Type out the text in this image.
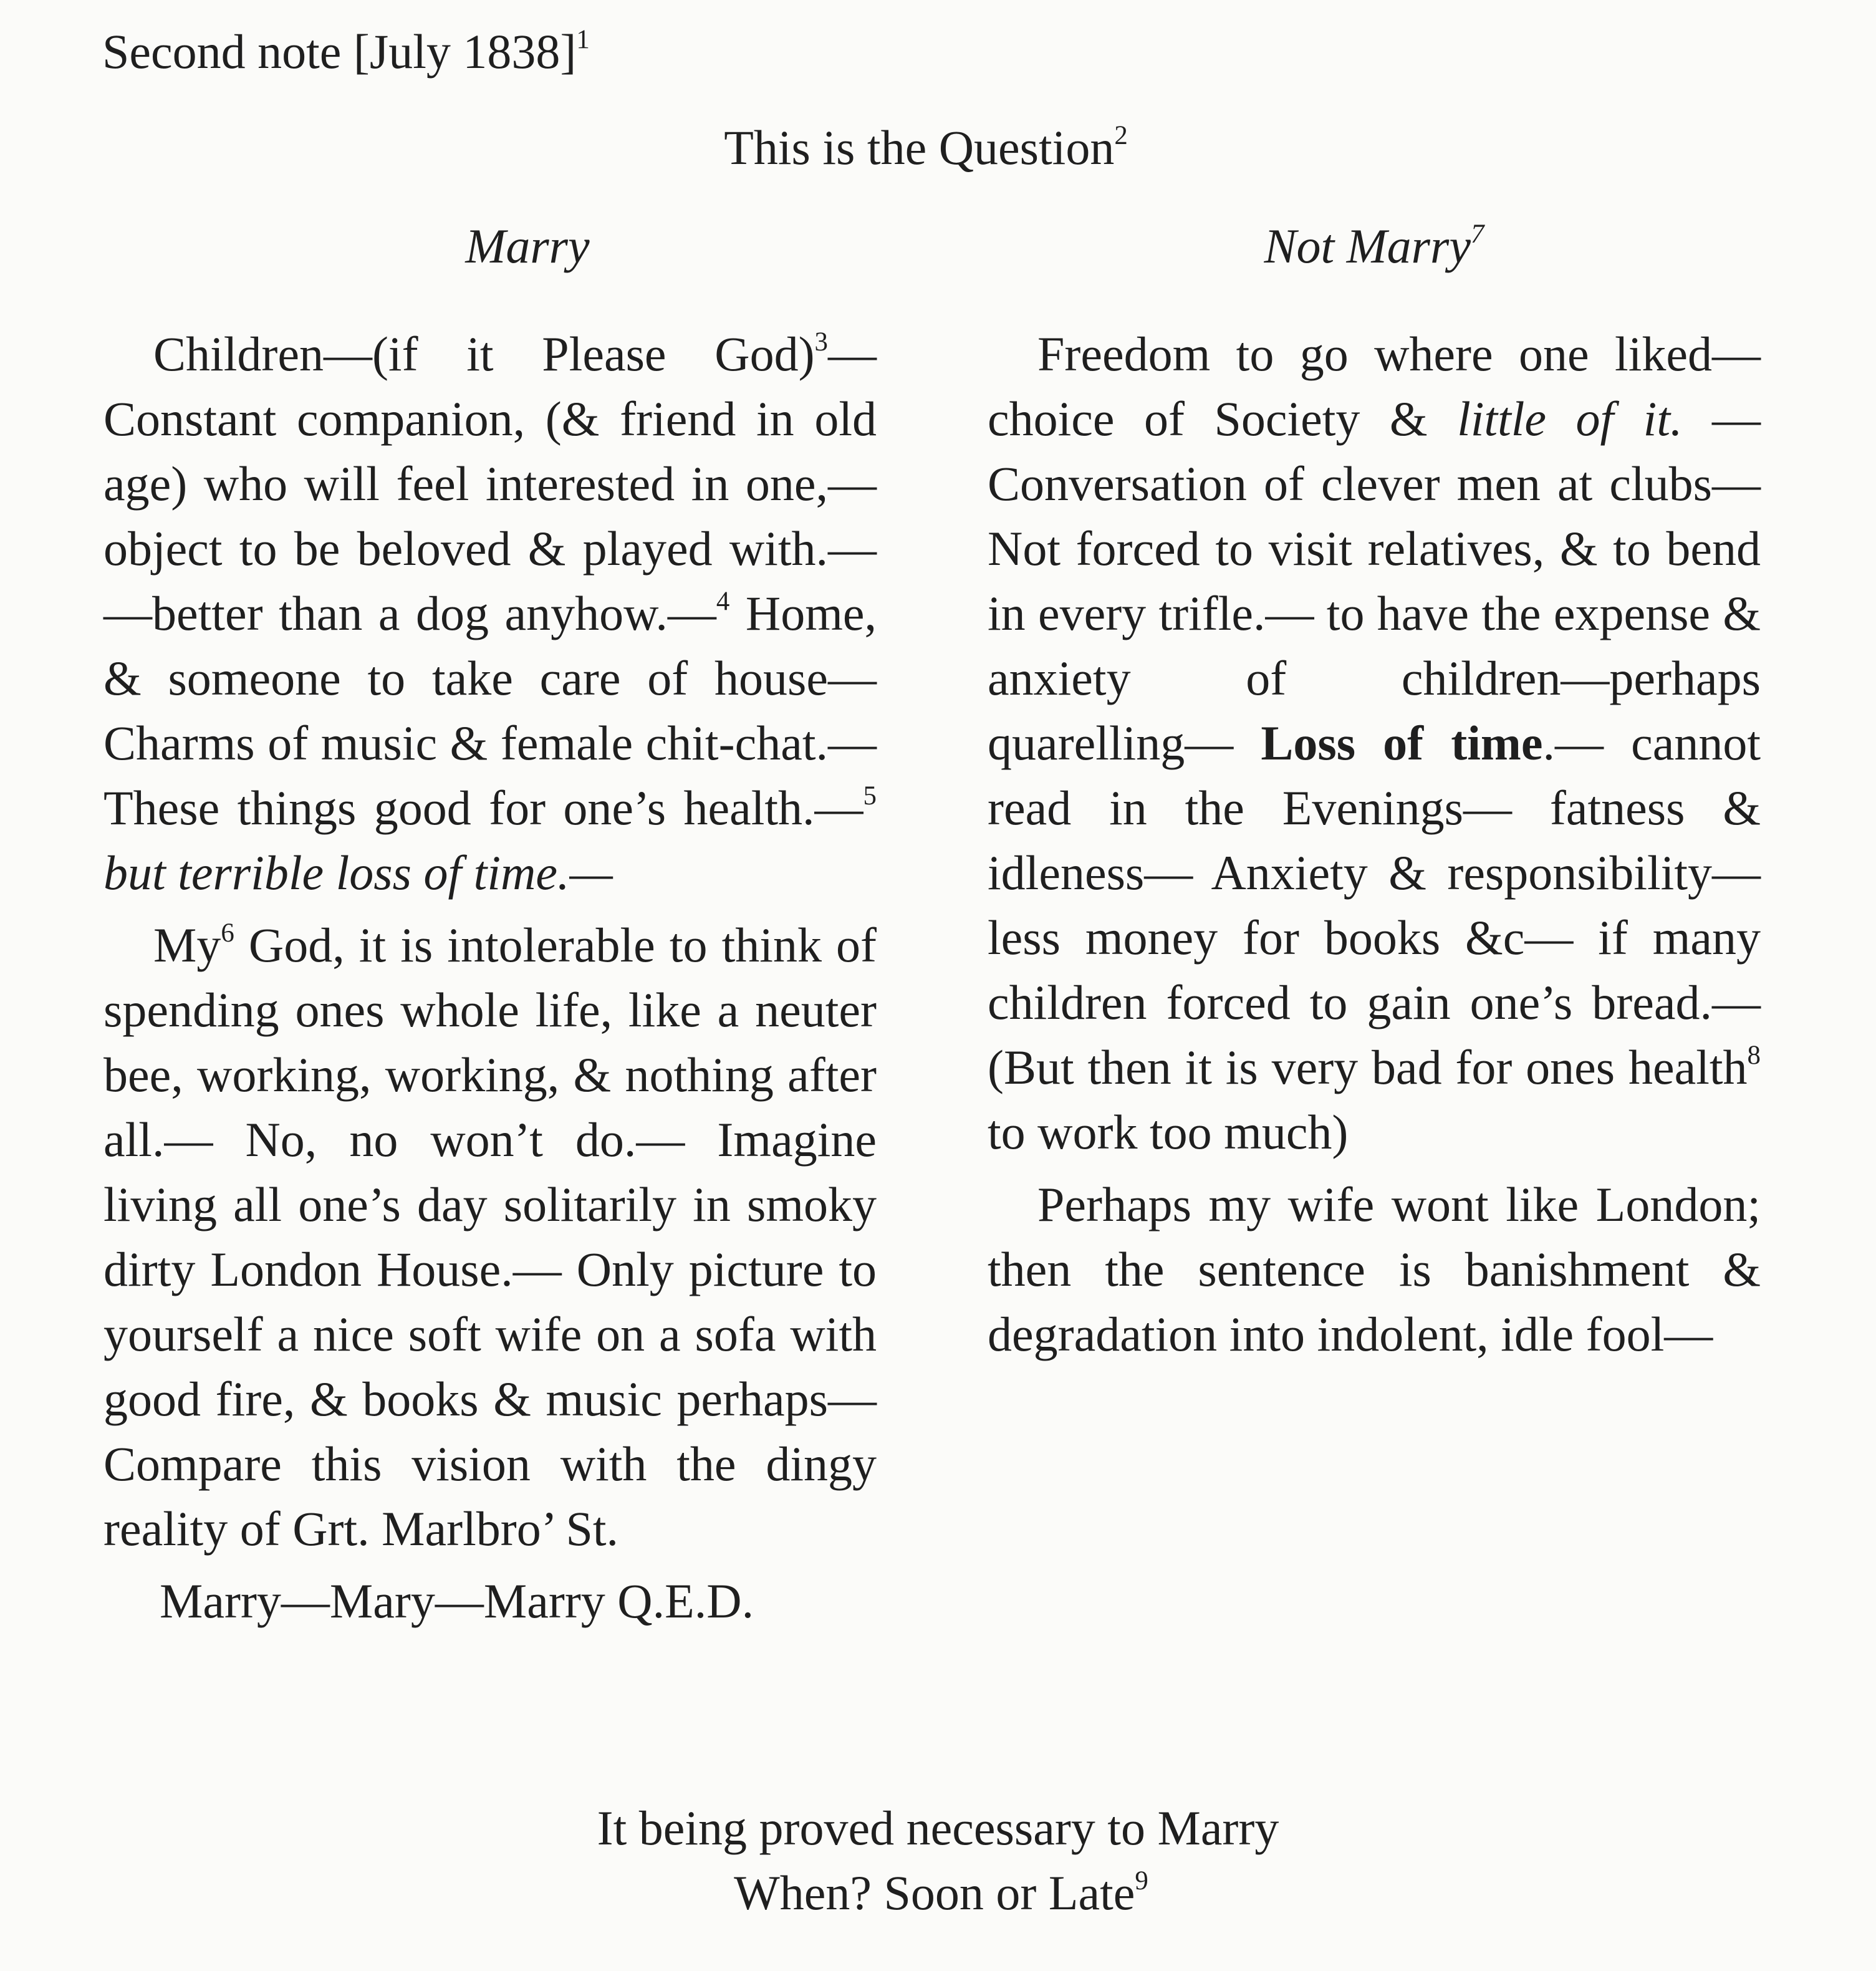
Second note [July 1838]$^1$
This is the Question$^2$
Marry

Children—(if it Please God)$^3$— Constant companion, (& friend in old age) who will feel interested in one,— object to be beloved & played with.— —better than a dog anyhow.—$^4$ Home, & someone to take care of house— Charms of music & female chit-chat.— These things good for one’s health.—$^5$ but terrible loss of time.—

My$^6$ God, it is intolerable to think of spending ones whole life, like a neuter bee, working, working, & nothing after all.— No, no won’t do.— Imagine living all one’s day solitarily in smoky dirty London House.— Only picture to yourself a nice soft wife on a sofa with good fire, & books & music perhaps— Compare this vision with the dingy reality of Grt. Marlbro’ St.

Marry—Mary—Marry Q.E.D.
Not Marry$^7$

Freedom to go where one liked— choice of Society & little of it. — Conversation of clever men at clubs— Not forced to visit relatives, & to bend in every trifle.— to have the expense & anxiety of children—perhaps quarelling— Loss of time.— cannot read in the Evenings— fatness & idleness— Anxiety & responsibility— less money for books &c— if many children forced to gain one’s bread.— (But then it is very bad for ones health$^8$ to work too much)

Perhaps my wife wont like London; then the sentence is banishment & degradation into indolent, idle fool—

It being proved necessary to Marry
When? Soon or Late$^9$
